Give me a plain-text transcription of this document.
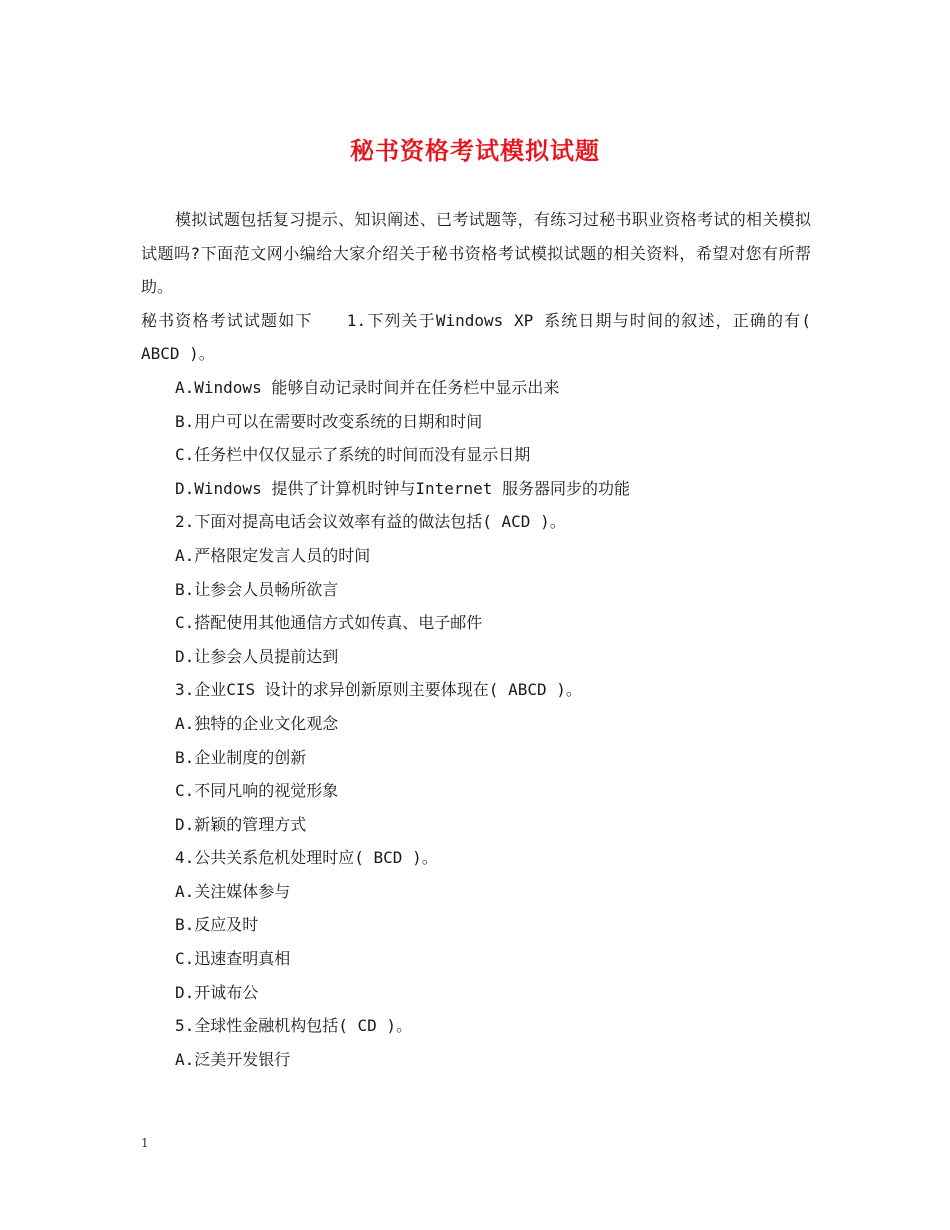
秘书资格考试模拟试题

模拟试题包括复习提示、知识阐述、已考试题等，有练习过秘书职业资格考试的相关模拟试题吗?下面范文网小编给大家介绍关于秘书资格考试模拟试题的相关资料，希望对您有所帮助。

秘书资格考试试题如下　　1.下列关于Windows XP 系统日期与时间的叙述，正确的有( ABCD )。

A.Windows 能够自动记录时间并在任务栏中显示出来
B.用户可以在需要时改变系统的日期和时间
C.任务栏中仅仅显示了系统的时间而没有显示日期
D.Windows 提供了计算机时钟与Internet 服务器同步的功能
2.下面对提高电话会议效率有益的做法包括( ACD )。
A.严格限定发言人员的时间
B.让参会人员畅所欲言
C.搭配使用其他通信方式如传真、电子邮件
D.让参会人员提前达到
3.企业CIS 设计的求异创新原则主要体现在( ABCD )。
A.独特的企业文化观念
B.企业制度的创新
C.不同凡响的视觉形象
D.新颖的管理方式
4.公共关系危机处理时应( BCD )。
A.关注媒体参与
B.反应及时
C.迅速查明真相
D.开诚布公
5.全球性金融机构包括( CD )。
A.泛美开发银行
1
